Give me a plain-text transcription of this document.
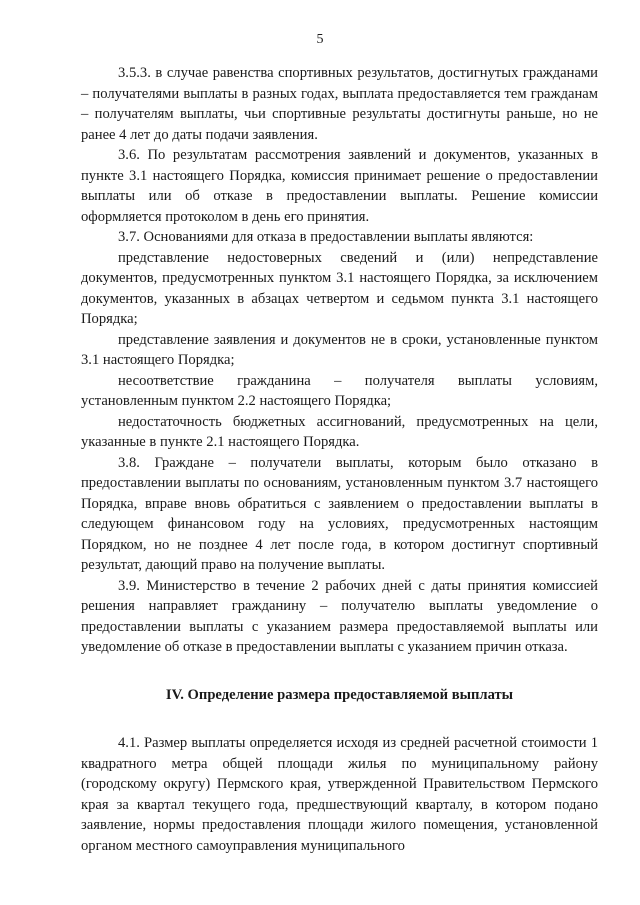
5

3.5.3. в случае равенства спортивных результатов, достигнутых гражданами – получателями выплаты в разных годах, выплата предоставляется тем гражданам – получателям выплаты, чьи спортивные результаты достигнуты раньше, но не ранее 4 лет до даты подачи заявления.

3.6. По результатам рассмотрения заявлений и документов, указанных в пункте 3.1 настоящего Порядка, комиссия принимает решение о предоставлении выплаты или об отказе в предоставлении выплаты. Решение комиссии оформляется протоколом в день его принятия.

3.7. Основаниями для отказа в предоставлении выплаты являются:

представление недостоверных сведений и (или) непредставление документов, предусмотренных пунктом 3.1 настоящего Порядка, за исключением документов, указанных в абзацах четвертом и седьмом пункта 3.1 настоящего Порядка;

представление заявления и документов не в сроки, установленные пунктом 3.1 настоящего Порядка;

несоответствие гражданина – получателя выплаты условиям, установленным пунктом 2.2 настоящего Порядка;

недостаточность бюджетных ассигнований, предусмотренных на цели, указанные в пункте 2.1 настоящего Порядка.

3.8. Граждане – получатели выплаты, которым было отказано в предоставлении выплаты по основаниям, установленным пунктом 3.7 настоящего Порядка, вправе вновь обратиться с заявлением о предоставлении выплаты в следующем финансовом году на условиях, предусмотренных настоящим Порядком, но не позднее 4 лет после года, в котором достигнут спортивный результат, дающий право на получение выплаты.

3.9. Министерство в течение 2 рабочих дней с даты принятия комиссией решения направляет гражданину – получателю выплаты уведомление о предоставлении выплаты с указанием размера предоставляемой выплаты или уведомление об отказе в предоставлении выплаты с указанием причин отказа.

IV. Определение размера предоставляемой выплаты

4.1. Размер выплаты определяется исходя из средней расчетной стоимости 1 квадратного метра общей площади жилья по муниципальному району (городскому округу) Пермского края, утвержденной Правительством Пермского края за квартал текущего года, предшествующий кварталу, в котором подано заявление, нормы предоставления площади жилого помещения, установленной органом местного самоуправления муниципального
